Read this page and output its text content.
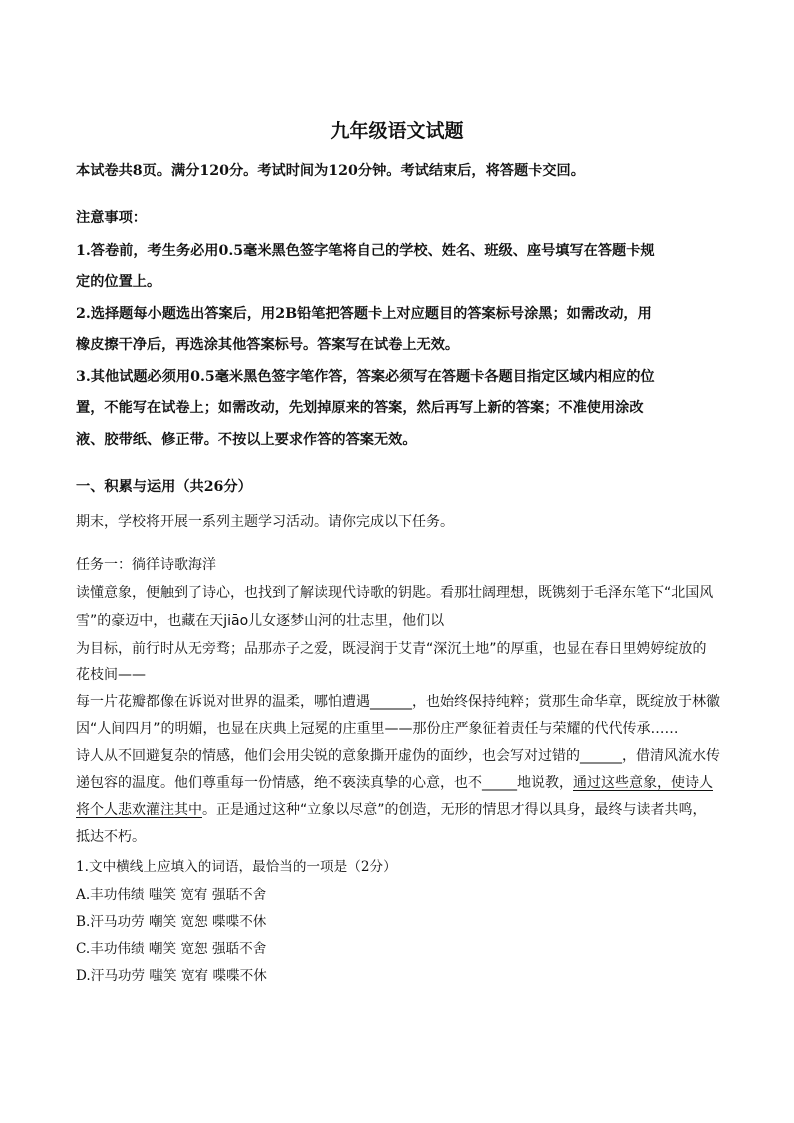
九年级语文试题
本试卷共8页。满分120分。考试时间为120分钟。考试结束后，将答题卡交回。
注意事项：
1.答卷前，考生务必用0.5毫米黑色签字笔将自己的学校、姓名、班级、座号填写在答题卡规
定的位置上。
2.选择题每小题选出答案后，用2B铅笔把答题卡上对应题目的答案标号涂黑；如需改动，用
橡皮擦干净后，再选涂其他答案标号。答案写在试卷上无效。
3.其他试题必须用0.5毫米黑色签字笔作答，答案必须写在答题卡各题目指定区域内相应的位
置，不能写在试卷上；如需改动，先划掉原来的答案，然后再写上新的答案；不准使用涂改
液、胶带纸、修正带。不按以上要求作答的答案无效。
一、积累与运用（共26分）
期末，学校将开展一系列主题学习活动。请你完成以下任务。
任务一：徜徉诗歌海洋
读懂意象，便触到了诗心，也找到了解读现代诗歌的钥匙。看那壮阔理想，既镌刻于毛泽东笔下“北国风
雪”的豪迈中，也藏在天jiāo儿女逐梦山河的壮志里，他们以
为目标，前行时从无旁骛；品那赤子之爱，既浸润于艾青“深沉土地”的厚重，也显在春日里娉婷绽放的
花枝间——
每一片花瓣都像在诉说对世界的温柔，哪怕遭遇______，也始终保持纯粹；赏那生命华章，既绽放于林徽
因“人间四月”的明媚，也显在庆典上冠冕的庄重里——那份庄严象征着责任与荣耀的代代传承……
诗人从不回避复杂的情感，他们会用尖锐的意象撕开虚伪的面纱，也会写对过错的______，借清风流水传
递包容的温度。他们尊重每一份情感，绝不亵渎真挚的心意，也不_____地说教，通过这些意象，使诗人
将个人悲欢灌注其中。正是通过这种“立象以尽意”的创造，无形的情思才得以具身，最终与读者共鸣，
抵达不朽。
1.文中横线上应填入的词语，最恰当的一项是（2分）
A.丰功伟绩 嗤笑 宽宥 强聒不舍
B.汗马功劳 嘲笑 宽恕 喋喋不休
C.丰功伟绩 嘲笑 宽恕 强聒不舍
D.汗马功劳 嗤笑 宽宥 喋喋不休
